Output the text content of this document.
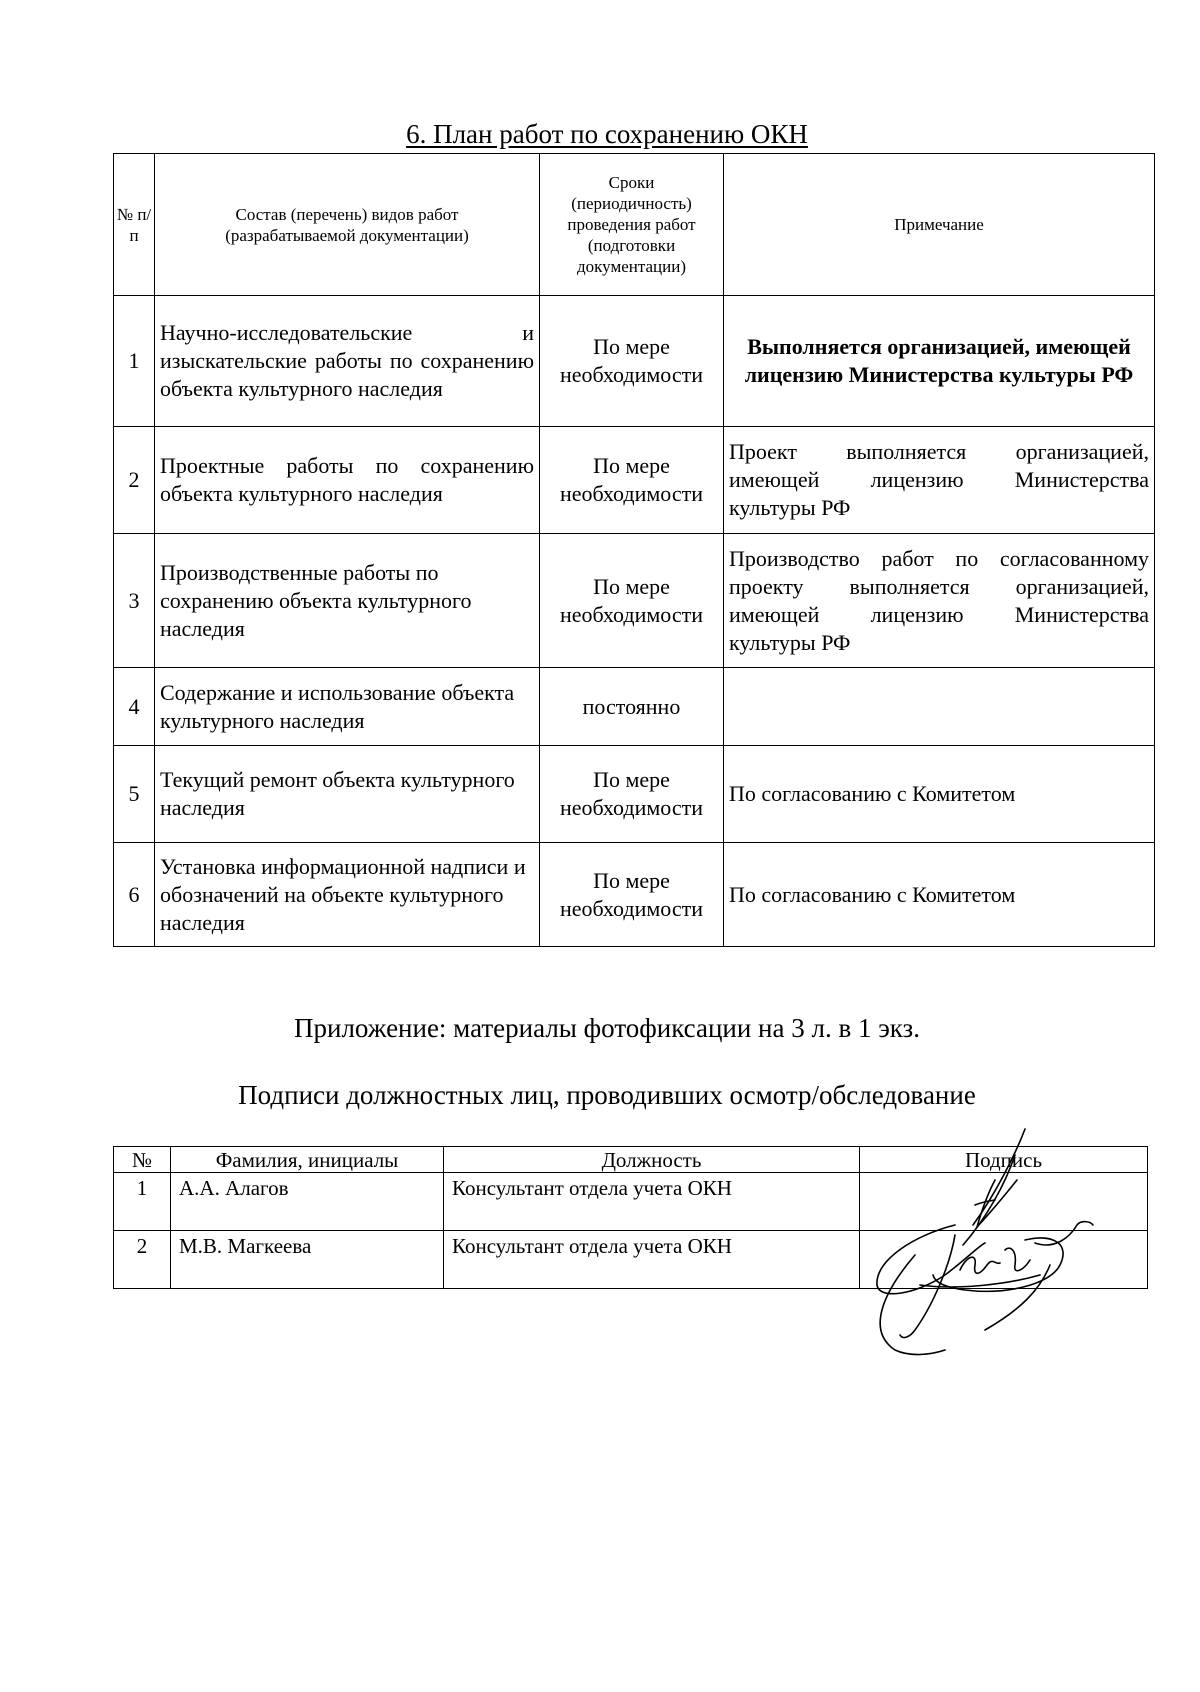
6. План работ по сохранению ОКН
№ п/п	Состав (перечень) видов работ (разрабатываемой документации)	Сроки (периодичность) проведения работ (подготовки документации)	Примечание
1	Научно-исследовательские и изыскательские работы по сохранению объекта культурного наследия	По мере необходимости	Выполняется организацией, имеющей лицензию Министерства культуры РФ
2	Проектные работы по сохранению объекта культурного наследия	По мере необходимости	Проект выполняется организацией, имеющей лицензию Министерства культуры РФ
3	Производственные работы по сохранению объекта культурного наследия	По мере необходимости	Производство работ по согласованному проекту выполняется организацией, имеющей лицензию Министерства культуры РФ
4	Содержание и использование объекта культурного наследия	постоянно	
5	Текущий ремонт объекта культурного наследия	По мере необходимости	По согласованию с Комитетом
6	Установка информационной надписи и обозначений на объекте культурного наследия	По мере необходимости	По согласованию с Комитетом
Приложение: материалы фотофиксации на 3 л. в 1 экз.
Подписи должностных лиц, проводивших осмотр/обследование
№	Фамилия, инициалы	Должность	Подпись
1	А.А. Алагов	Консультант отдела учета ОКН	
2	М.В. Магкеева	Консультант отдела учета ОКН	
